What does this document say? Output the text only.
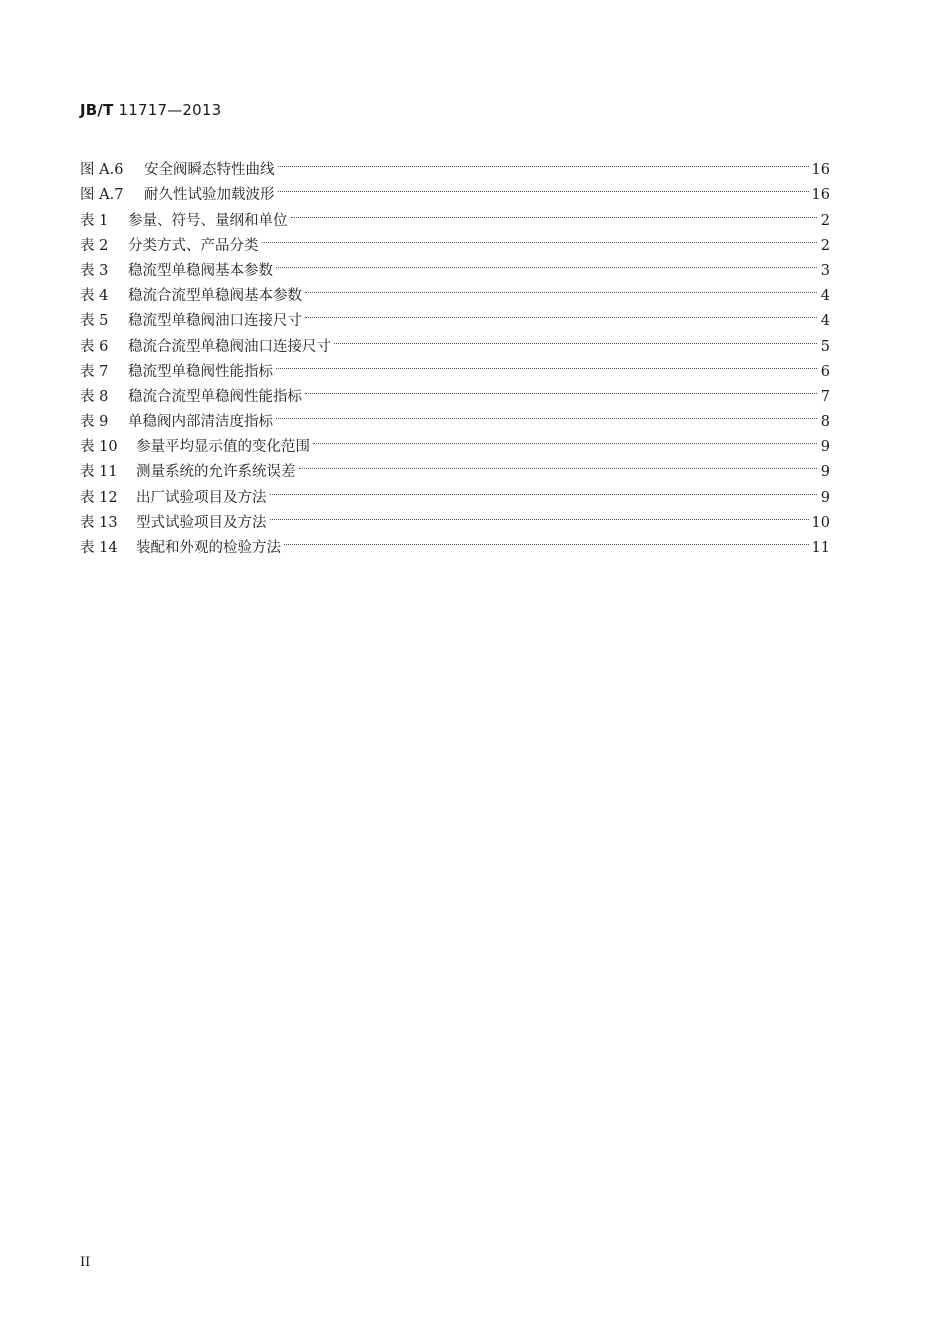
JB/T 11717—2013
图 A.6	安全阀瞬态特性曲线	16
图 A.7	耐久性试验加载波形	16
表 1	参量、符号、量纲和单位	2
表 2	分类方式、产品分类	2
表 3	稳流型单稳阀基本参数	3
表 4	稳流合流型单稳阀基本参数	4
表 5	稳流型单稳阀油口连接尺寸	4
表 6	稳流合流型单稳阀油口连接尺寸	5
表 7	稳流型单稳阀性能指标	6
表 8	稳流合流型单稳阀性能指标	7
表 9	单稳阀内部清洁度指标	8
表 10	参量平均显示值的变化范围	9
表 11	测量系统的允许系统误差	9
表 12	出厂试验项目及方法	9
表 13	型式试验项目及方法	10
表 14	装配和外观的检验方法	11
II
